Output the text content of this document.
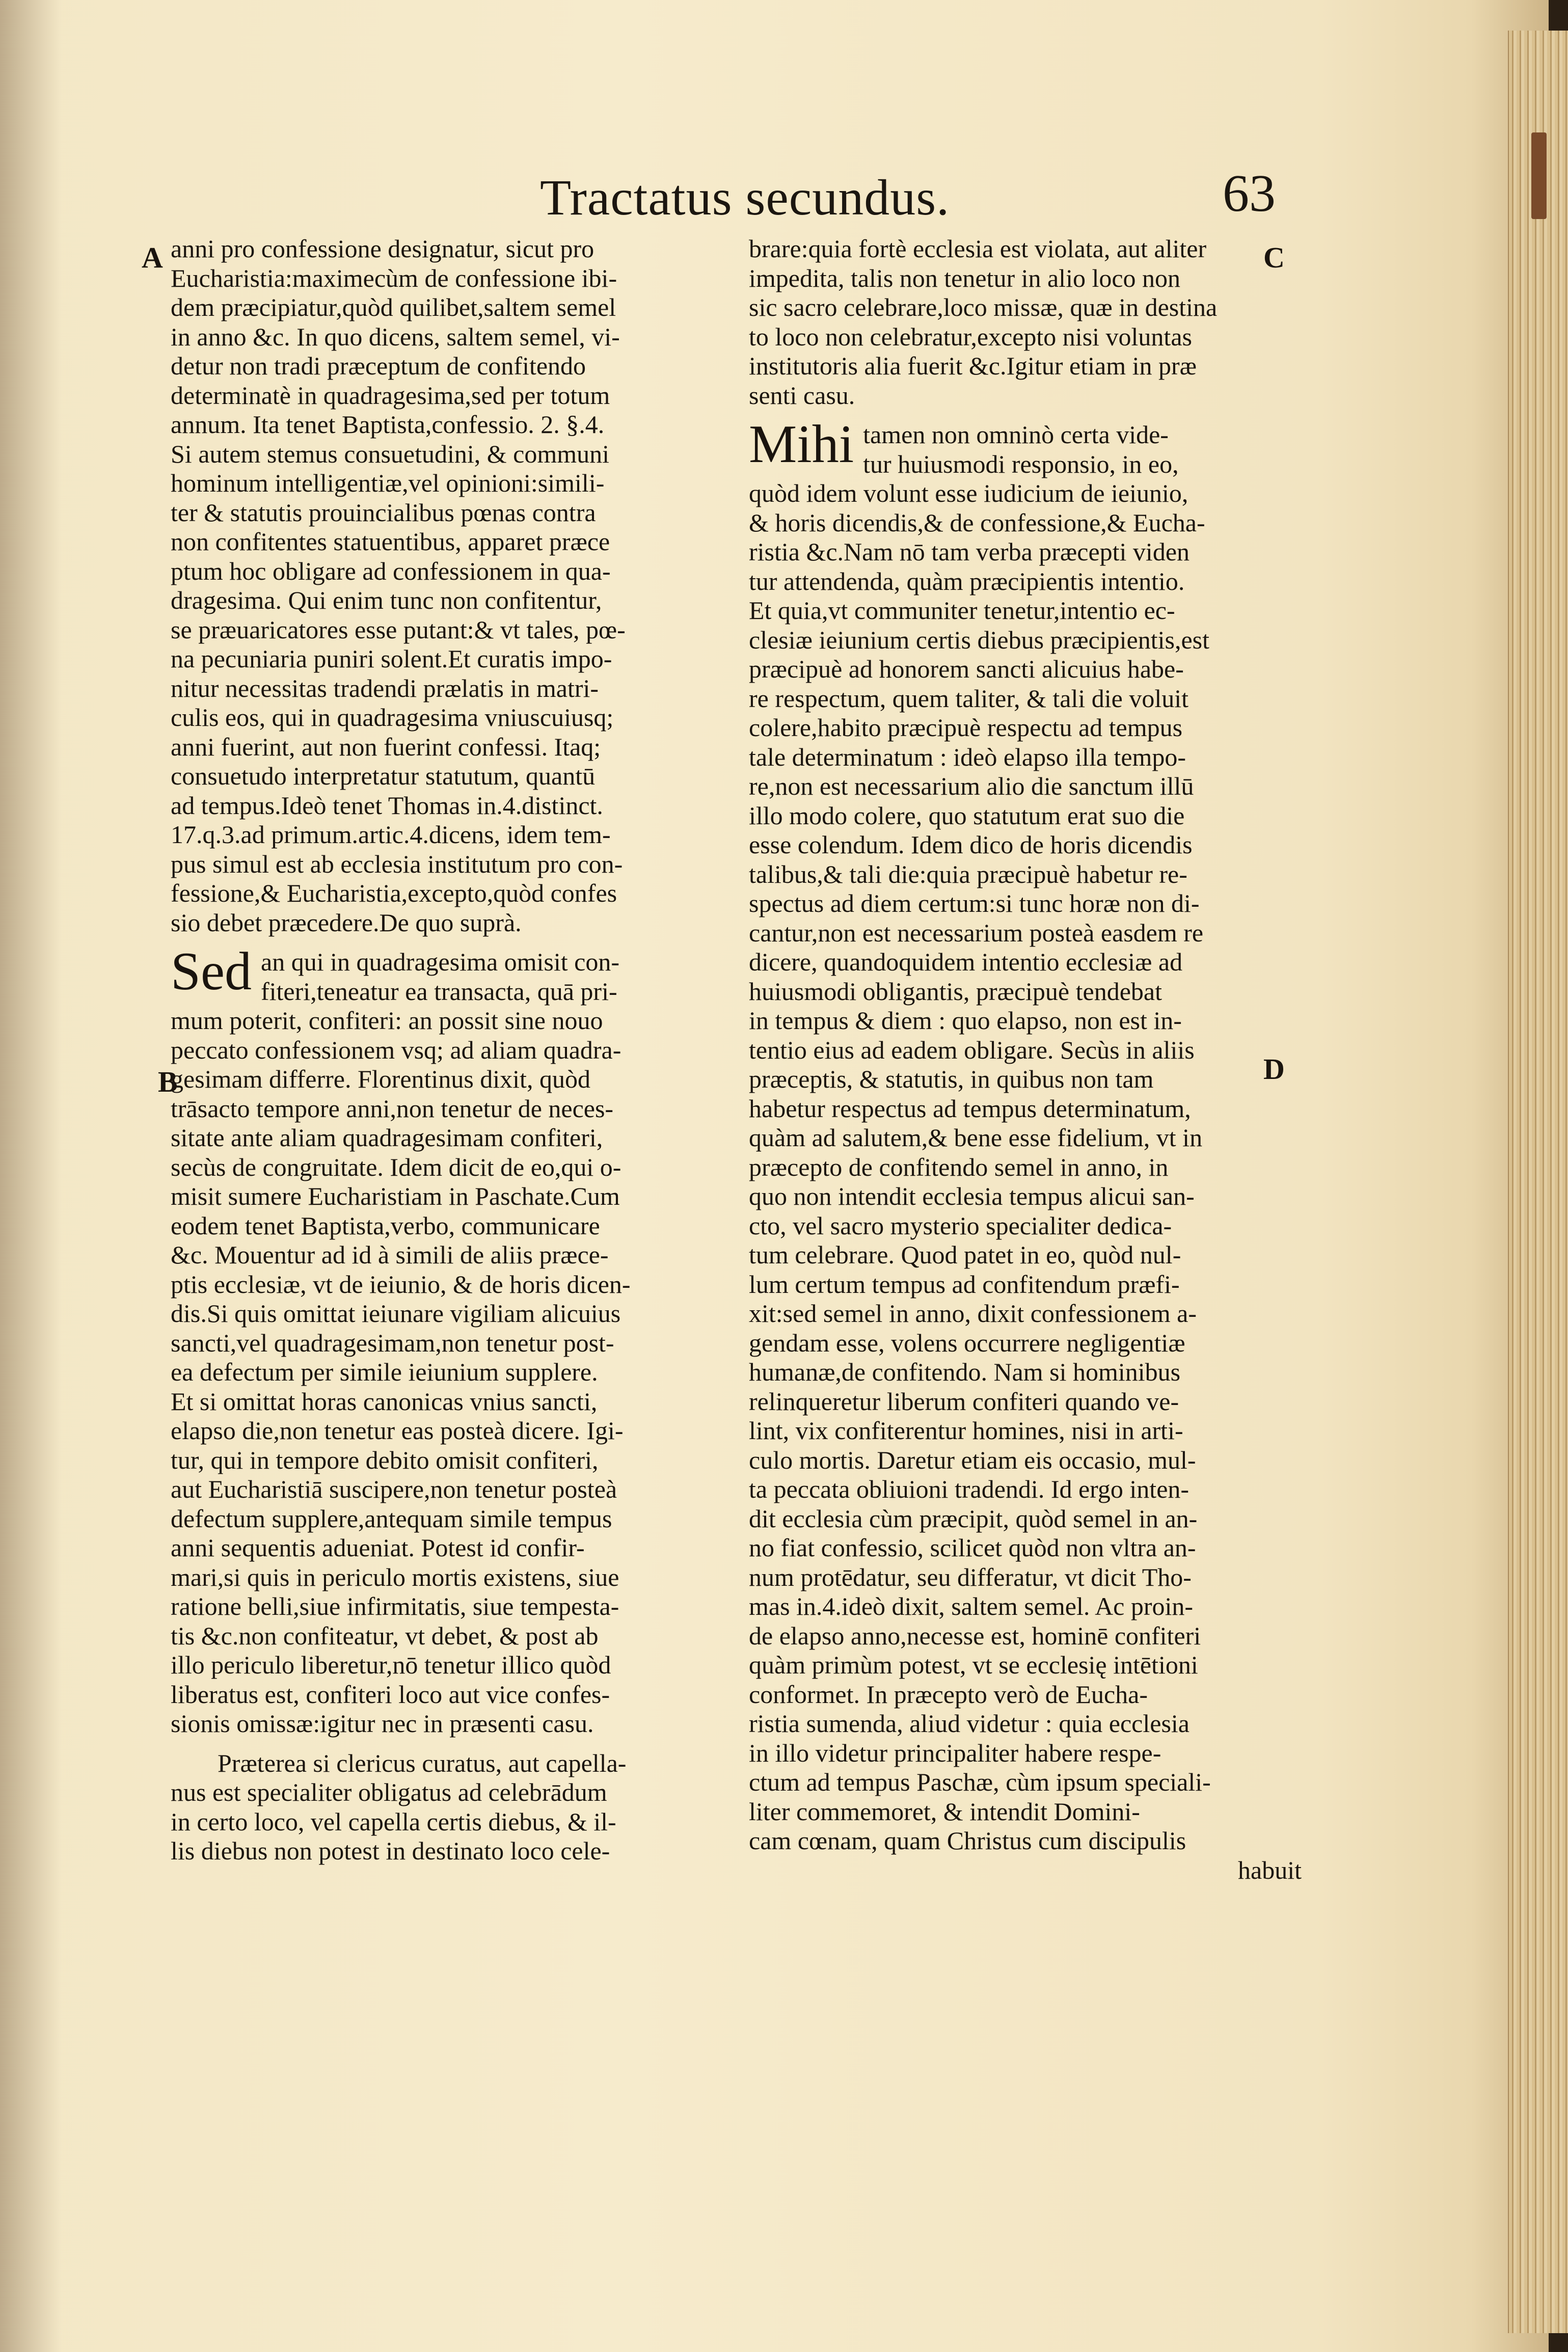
Tractatus secundus.	63
A
B
C
D
anni pro confessione designatur, sicut pro
Eucharistia:maximecùm de confessione ibi-
dem præcipiatur,quòd quilibet,saltem semel
in anno &c. In quo dicens, saltem semel, vi-
detur non tradi præceptum de confitendo
determinatè in quadragesima,sed per totum
annum. Ita tenet Baptista,confessio. 2. §.4.
Si autem stemus consuetudini, & communi
hominum intelligentiæ,vel opinioni:simili-
ter & statutis prouincialibus pœnas contra
non confitentes statuentibus, apparet præce
ptum hoc obligare ad confessionem in qua-
dragesima. Qui enim tunc non confitentur,
se præuaricatores esse putant:& vt tales, pœ-
na pecuniaria puniri solent.Et curatis impo-
nitur necessitas tradendi prælatis in matri-
culis eos, qui in quadragesima vniuscuiusq;
anni fuerint, aut non fuerint confessi. Itaq;
consuetudo interpretatur statutum, quantū
ad tempus.Ideò tenet Thomas in.4.distinct.
17.q.3.ad primum.artic.4.dicens, idem tem-
pus simul est ab ecclesia institutum pro con-
fessione,& Eucharistia,excepto,quòd confes
sio debet præcedere.De quo suprà.
Sed an qui in quadragesima omisit con-
fiteri,teneatur ea transacta, quā pri-
mum poterit, confiteri: an possit sine nouo
peccato confessionem vsq; ad aliam quadra-
gesimam differre. Florentinus dixit, quòd
trāsacto tempore anni,non tenetur de neces-
sitate ante aliam quadragesimam confiteri,
secùs de congruitate. Idem dicit de eo,qui o-
misit sumere Eucharistiam in Paschate.Cum
eodem tenet Baptista,verbo, communicare
&c. Mouentur ad id à simili de aliis præce-
ptis ecclesiæ, vt de ieiunio, & de horis dicen-
dis.Si quis omittat ieiunare vigiliam alicuius
sancti,vel quadragesimam,non tenetur post-
ea defectum per simile ieiunium supplere.
Et si omittat horas canonicas vnius sancti,
elapso die,non tenetur eas posteà dicere. Igi-
tur, qui in tempore debito omisit confiteri,
aut Eucharistiā suscipere,non tenetur posteà
defectum supplere,antequam simile tempus
anni sequentis adueniat. Potest id confir-
mari,si quis in periculo mortis existens, siue
ratione belli,siue infirmitatis, siue tempesta-
tis &c.non confiteatur, vt debet, & post ab
illo periculo liberetur,nō tenetur illico quòd
liberatus est, confiteri loco aut vice confes-
sionis omissæ:igitur nec in præsenti casu.
Præterea si clericus curatus, aut capella-
nus est specialiter obligatus ad celebrādum
in certo loco, vel capella certis diebus, & il-
lis diebus non potest in destinato loco cele-
brare:quia fortè ecclesia est violata, aut aliter
impedita, talis non tenetur in alio loco non
sic sacro celebrare,loco missæ, quæ in destina
to loco non celebratur,excepto nisi voluntas
institutoris alia fuerit &c.Igitur etiam in præ
senti casu.
Mihi tamen non omninò certa vide-
tur huiusmodi responsio, in eo,
quòd idem volunt esse iudicium de ieiunio,
& horis dicendis,& de confessione,& Eucha-
ristia &c.Nam nō tam verba præcepti viden
tur attendenda, quàm præcipientis intentio.
Et quia,vt communiter tenetur,intentio ec-
clesiæ ieiunium certis diebus præcipientis,est
præcipuè ad honorem sancti alicuius habe-
re respectum, quem taliter, & tali die voluit
colere,habito præcipuè respectu ad tempus
tale determinatum : ideò elapso illa tempo-
re,non est necessarium alio die sanctum illū
illo modo colere, quo statutum erat suo die
esse colendum. Idem dico de horis dicendis
talibus,& tali die:quia præcipuè habetur re-
spectus ad diem certum:si tunc horæ non di-
cantur,non est necessarium posteà easdem re
dicere, quandoquidem intentio ecclesiæ ad
huiusmodi obligantis, præcipuè tendebat
in tempus & diem : quo elapso, non est in-
tentio eius ad eadem obligare. Secùs in aliis
præceptis, & statutis, in quibus non tam
habetur respectus ad tempus determinatum,
quàm ad salutem,& bene esse fidelium, vt in
præcepto de confitendo semel in anno, in
quo non intendit ecclesia tempus alicui san-
cto, vel sacro mysterio specialiter dedica-
tum celebrare. Quod patet in eo, quòd nul-
lum certum tempus ad confitendum præfi-
xit:sed semel in anno, dixit confessionem a-
gendam esse, volens occurrere negligentiæ
humanæ,de confitendo. Nam si hominibus
relinqueretur liberum confiteri quando ve-
lint, vix confiterentur homines, nisi in arti-
culo mortis. Daretur etiam eis occasio, mul-
ta peccata obliuioni tradendi. Id ergo inten-
dit ecclesia cùm præcipit, quòd semel in an-
no fiat confessio, scilicet quòd non vltra an-
num protēdatur, seu differatur, vt dicit Tho-
mas in.4.ideò dixit, saltem semel. Ac proin-
de elapso anno,necesse est, hominē confiteri
quàm primùm potest, vt se ecclesię intētioni
conformet. In præcepto verò de Eucha-
ristia sumenda, aliud videtur : quia ecclesia
in illo videtur principaliter habere respe-
ctum ad tempus Paschæ, cùm ipsum speciali-
liter commemoret, & intendit Domini-
cam cœnam, quam Christus cum discipulis
habuit
